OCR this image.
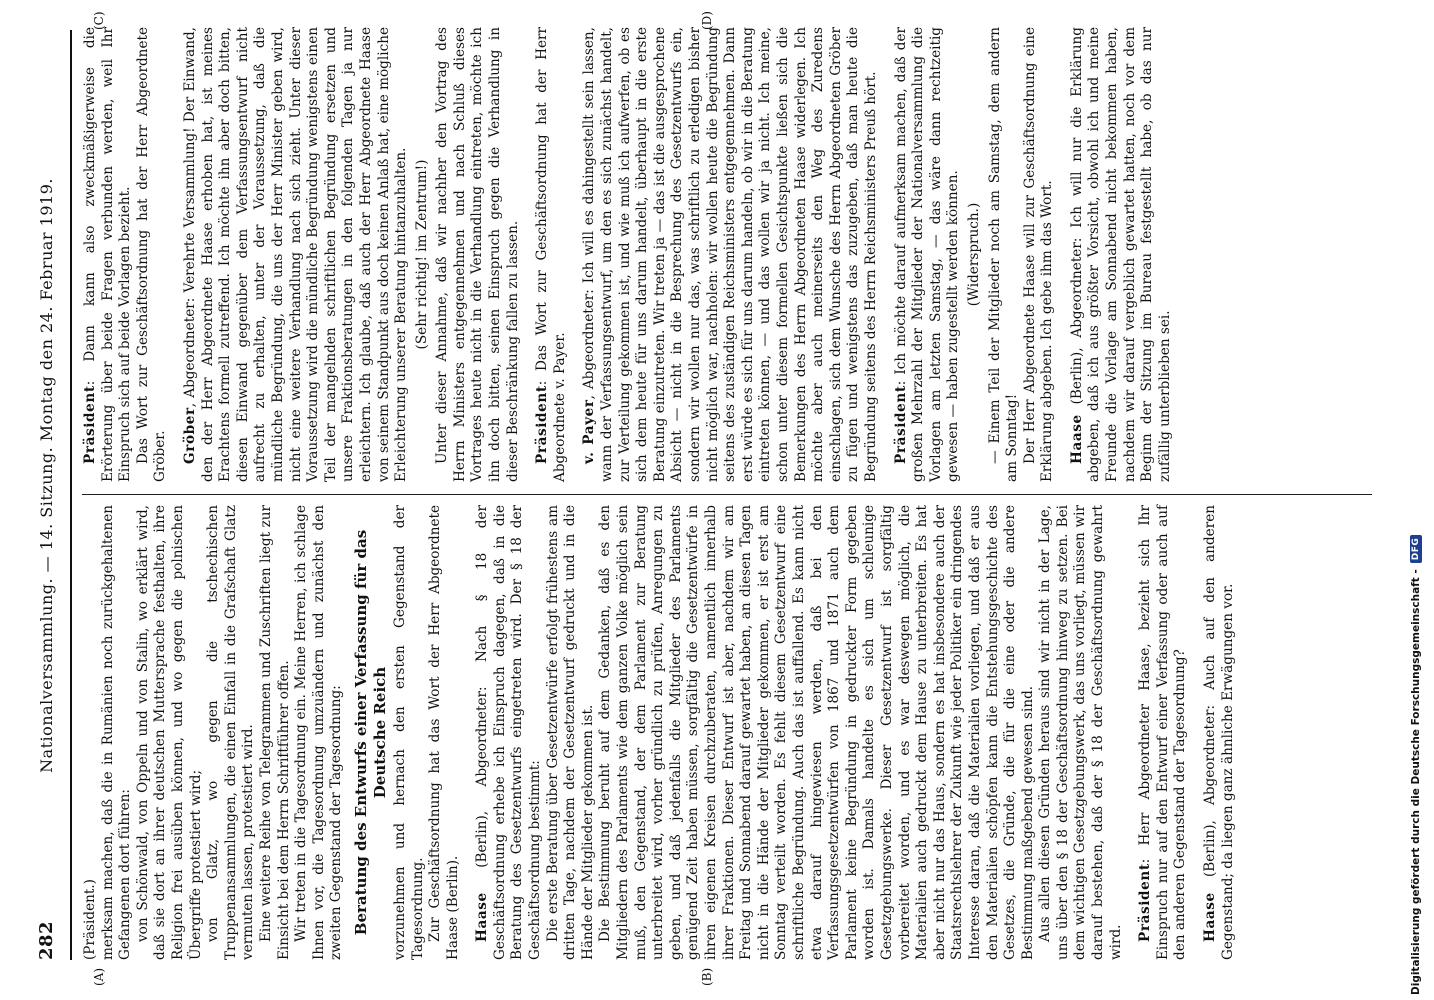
282
Nationalversammlung. — 14. Sitzung. Montag den 24. Februar 1919.
(A)	(B)
(C)	(D)

(Präsident.) merksam machen, daß die in Rumänien noch zurückgehaltenen Gefangenen dort führen: von Schönwald, von Oppeln und von Stalin, wo erklärt wird, daß sie dort an ihrer deutschen Muttersprache festhalten, ihre Religion frei ausüben können, und wo gegen die polnischen Übergriffe protestiert wird; von Glatz, wo gegen die tschechischen Truppenansammlungen, die einen Einfall in die Grafschaft Glatz vermuten lassen, protestiert wird. Eine weitere Reihe von Telegrammen und Zuschriften liegt zur Einsicht bei dem Herrn Schriftführer offen. Wir treten in die Tagesordnung ein. Meine Herren, ich schlage Ihnen vor, die Tagesordnung umzuändern und zunächst den zweiten Gegenstand der Tagesordnung: Beratung des Entwurfs einer Verfassung für das Deutsche Reich vorzunehmen und hernach den ersten Gegenstand der Tagesordnung. Zur Geschäftsordnung hat das Wort der Herr Abgeordnete Haase (Berlin). Haase (Berlin), Abgeordneter: Nach § 18 der Geschäftsordnung erhebe ich Einspruch dagegen, daß in die Beratung des Gesetzentwurfs eingetreten wird. Der § 18 der Geschäftsordnung bestimmt: Die erste Beratung über Gesetzentwürfe erfolgt frühestens am dritten Tage, nachdem der Gesetzentwurf gedruckt und in die Hände der Mitglieder gekommen ist. Die Bestimmung beruht auf dem Gedanken, daß es den Mitgliedern des Parlaments wie dem ganzen Volke möglich sein muß, den Gegenstand, der dem Parlament zur Beratung unterbreitet wird, vorher gründlich zu prüfen, Anregungen zu geben, und daß jedenfalls die Mitglieder des Parlaments genügend Zeit haben müssen, sorgfältig die Gesetzentwürfe in ihren eigenen Kreisen durchzuberaten, namentlich innerhalb ihrer Fraktionen. Dieser Entwurf ist aber, nachdem wir am Freitag und Sonnabend darauf gewartet haben, an diesen Tagen nicht in die Hände der Mitglieder gekommen, er ist erst am Sonntag verteilt worden. Es fehlt diesem Gesetzentwurf eine schriftliche Begründung. Auch das ist auffallend. Es kann nicht etwa darauf hingewiesen werden, daß bei den Verfassungsgesetzentwürfen von 1867 und 1871 auch dem Parlament keine Begründung in gedruckter Form gegeben worden ist. Damals handelte es sich um schleunige Gesetzgebungswerke. Dieser Gesetzentwurf ist sorgfältig vorbereitet worden, und es war deswegen möglich, die Materialien auch gedruckt dem Hause zu unterbreiten. Es hat aber nicht nur das Haus, sondern es hat insbesondere auch der Staatsrechtslehrer der Zukunft wie jeder Politiker ein dringendes Interesse daran, daß die Materialien vorliegen, und daß er aus den Materialien schöpfen kann die Entstehungsgeschichte des Gesetzes, die Gründe, die für die eine oder die andere Bestimmung maßgebend gewesen sind. Aus allen diesen Gründen heraus sind wir nicht in der Lage, uns über den § 18 der Geschäftsordnung hinweg zu setzen. Bei dem wichtigen Gesetzgebungswerk, das uns vorliegt, müssen wir darauf bestehen, daß der § 18 der Geschäftsordnung gewahrt wird.

Präsident: Herr Abgeordneter Haase, bezieht sich Ihr Einspruch nur auf den Entwurf einer Verfassung oder auch auf den anderen Gegenstand der Tagesordnung? Haase (Berlin), Abgeordneter: Auch auf den anderen Gegenstand; da liegen ganz ähnliche Erwägungen vor.

Präsident: Dann kann also zweckmäßigerweise die Erörterung über beide Fragen verbunden werden, weil Ihr Einspruch sich auf beide Vorlagen bezieht. Das Wort zur Geschäftsordnung hat der Herr Abgeordnete Gröber. Gröber, Abgeordneter: Verehrte Versammlung! Der Einwand, den der Herr Abgeordnete Haase erhoben hat, ist meines Erachtens formell zutreffend. Ich möchte ihn aber doch bitten, diesen Einwand gegenüber dem Verfassungsentwurf nicht aufrecht zu erhalten, unter der Voraussetzung, daß die mündliche Begründung, die uns der Herr Minister geben wird, nicht eine weitere Verhandlung nach sich zieht. Unter dieser Voraussetzung wird die mündliche Begründung wenigstens einen Teil der mangelnden schriftlichen Begründung ersetzen und unsere Fraktionsberatungen in den folgenden Tagen ja nur erleichtern. Ich glaube, daß auch der Herr Abgeordnete Haase von seinem Standpunkt aus doch keinen Anlaß hat, eine mögliche Erleichterung unserer Beratung hintanzuhalten. (Sehr richtig! im Zentrum!) Unter dieser Annahme, daß wir nachher den Vortrag des Herrn Ministers entgegennehmen und nach Schluß dieses Vortrages heute nicht in die Verhandlung eintreten, möchte ich ihn doch bitten, seinen Einspruch gegen die Verhandlung in dieser Beschränkung fallen zu lassen. Präsident: Das Wort zur Geschäftsordnung hat der Herr Abgeordnete v. Payer. v. Payer, Abgeordneter: Ich will es dahingestellt sein lassen, wann der Verfassungsentwurf, um den es sich zunächst handelt, zur Verteilung gekommen ist, und wie muß ich aufwerfen, ob es sich dem heute für uns darum handelt, überhaupt in die erste Beratung einzutreten. Wir treten ja — das ist die ausgesprochene Absicht — nicht in die Besprechung des Gesetzentwurfs ein, sondern wir wollen nur das, was schriftlich zu erledigen bisher nicht möglich war, nachholen: wir wollen heute die Begründung seitens des zuständigen Reichsministers entgegennehmen. Dann erst würde es sich für uns darum handeln, ob wir in die Beratung eintreten können, — und das wollen wir ja nicht. Ich meine, schon unter diesem formellen Gesichtspunkte ließen sich die Bemerkungen des Herrn Abgeordneten Haase widerlegen. Ich möchte aber auch meinerseits den Weg des Zuredens einschlagen, sich dem Wunsche des Herrn Abgeordneten Gröber zu fügen und wenigstens das zuzugeben, daß man heute die Begründung seitens des Herrn Reichsministers Preuß hört. Präsident: Ich möchte darauf aufmerksam machen, daß der großen Mehrzahl der Mitglieder der Nationalversammlung die Vorlagen am letzten Samstag, — das wäre dann rechtzeitig gewesen — haben zugestellt werden können. (Widerspruch.) — Einem Teil der Mitglieder noch am Samstag, dem andern am Sonntag! Der Herr Abgeordnete Haase will zur Geschäftsordnung eine Erklärung abgeben. Ich gebe ihm das Wort. Haase (Berlin), Abgeordneter: Ich will nur die Erklärung abgeben, daß ich aus größter Vorsicht, obwohl ich und meine Freunde die Vorlage am Sonnabend nicht bekommen haben, nachdem wir darauf vergeblich gewartet hatten, noch vor dem Beginn der Sitzung im Bureau festgestellt habe, ob das nur zufällig unterblieben sei.

Digitalisierung gefördert durch die Deutsche Forschungsgemeinschaft -
DFG
